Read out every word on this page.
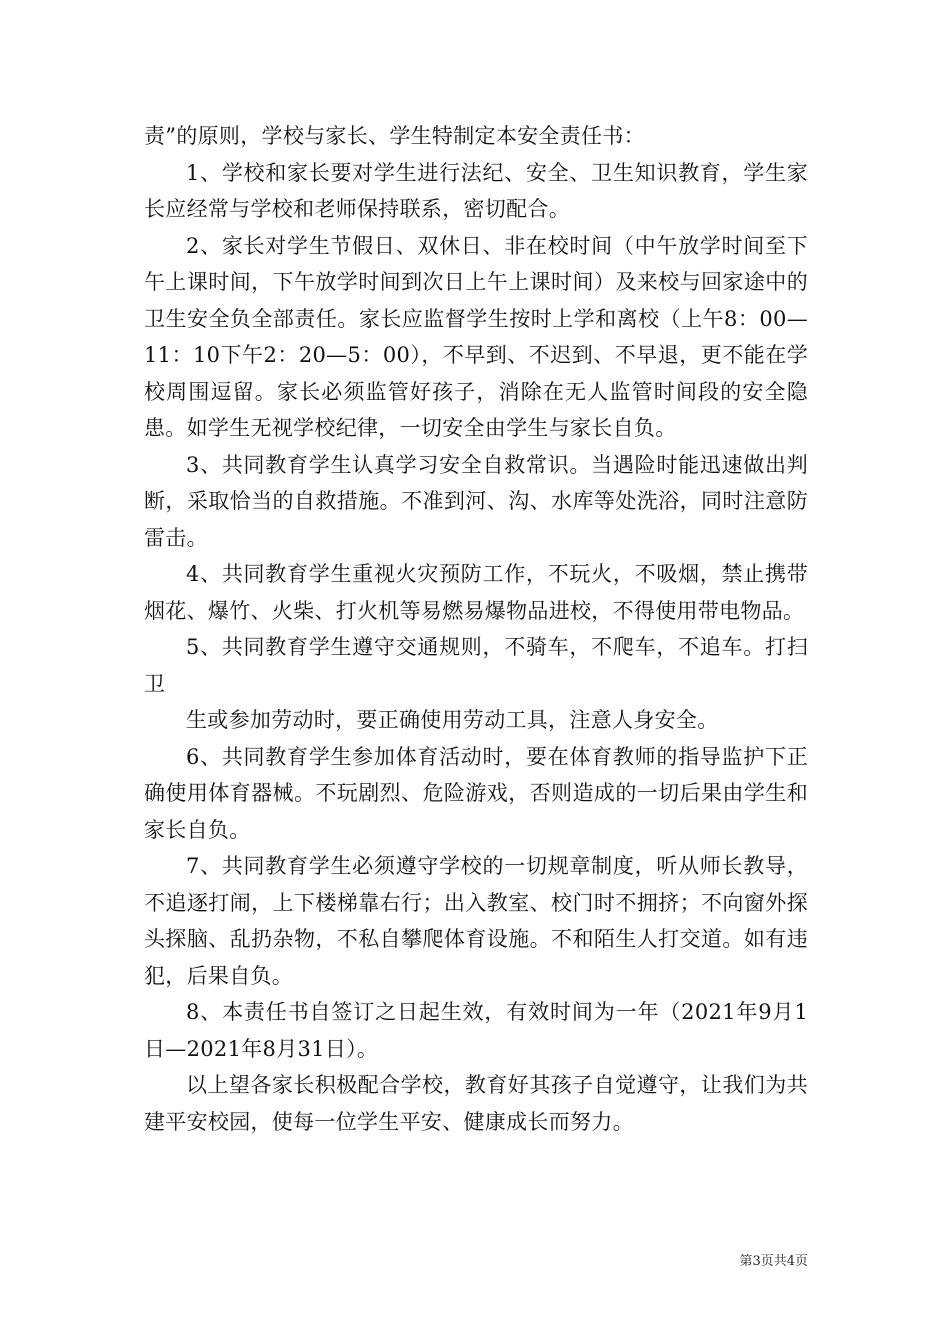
责”的原则，学校与家长、学生特制定本安全责任书：

1、学校和家长要对学生进行法纪、安全、卫生知识教育，学生家长应经常与学校和老师保持联系，密切配合。

2、家长对学生节假日、双休日、非在校时间（中午放学时间至下午上课时间，下午放学时间到次日上午上课时间）及来校与回家途中的卫生安全负全部责任。家长应监督学生按时上学和离校（上午8：00—11：10下午2：20—5：00），不早到、不迟到、不早退，更不能在学校周围逗留。家长必须监管好孩子，消除在无人监管时间段的安全隐患。如学生无视学校纪律，一切安全由学生与家长自负。

3、共同教育学生认真学习安全自救常识。当遇险时能迅速做出判断，采取恰当的自救措施。不准到河、沟、水库等处洗浴，同时注意防雷击。

4、共同教育学生重视火灾预防工作，不玩火，不吸烟，禁止携带烟花、爆竹、火柴、打火机等易燃易爆物品进校，不得使用带电物品。

5、共同教育学生遵守交通规则，不骑车，不爬车，不追车。打扫卫

生或参加劳动时，要正确使用劳动工具，注意人身安全。

6、共同教育学生参加体育活动时，要在体育教师的指导监护下正确使用体育器械。不玩剧烈、危险游戏，否则造成的一切后果由学生和家长自负。

7、共同教育学生必须遵守学校的一切规章制度，听从师长教导，不追逐打闹，上下楼梯靠右行；出入教室、校门时不拥挤；不向窗外探头探脑、乱扔杂物，不私自攀爬体育设施。不和陌生人打交道。如有违犯，后果自负。

8、本责任书自签订之日起生效，有效时间为一年（2021年9月1日—2021年8月31日）。

以上望各家长积极配合学校，教育好其孩子自觉遵守，让我们为共建平安校园，使每一位学生平安、健康成长而努力。

第3页共4页
